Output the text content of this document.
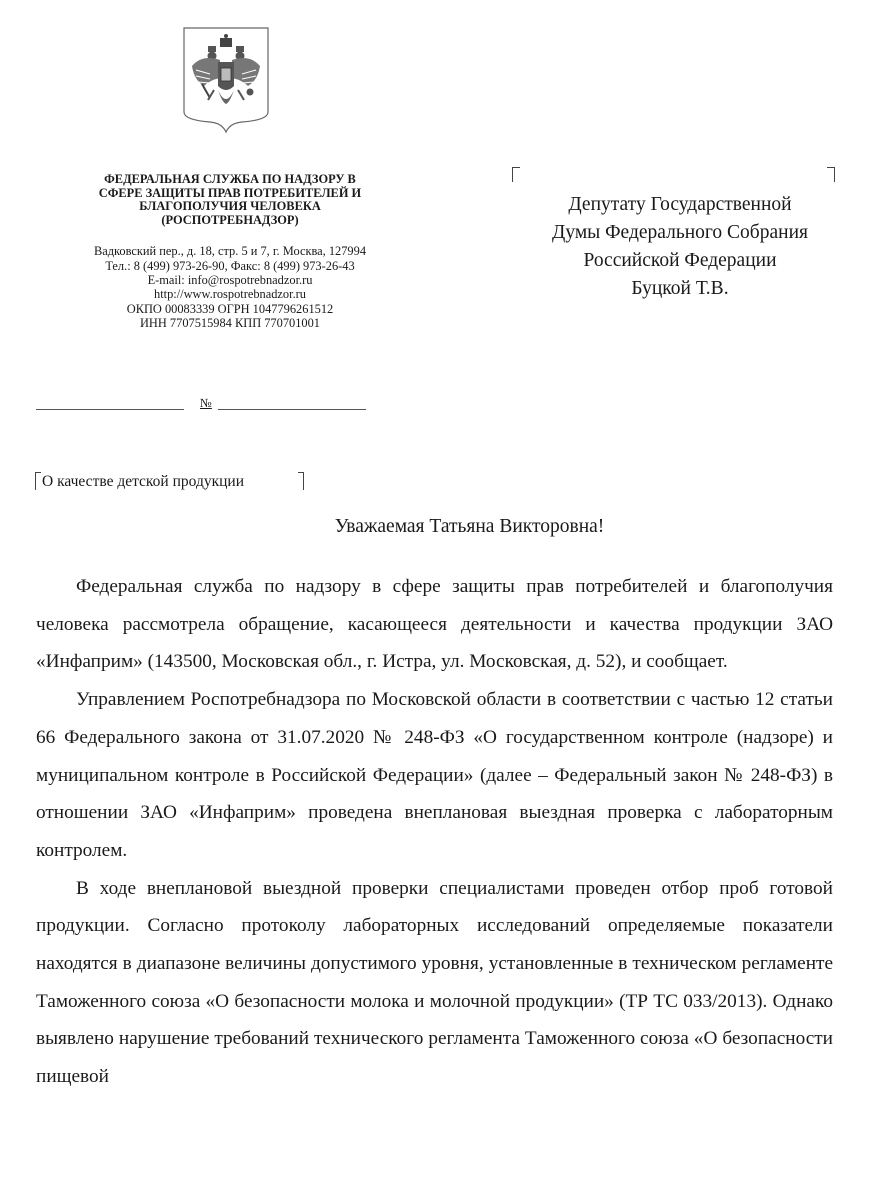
ФЕДЕРАЛЬНАЯ СЛУЖБА ПО НАДЗОРУ В
СФЕРЕ ЗАЩИТЫ ПРАВ ПОТРЕБИТЕЛЕЙ И
БЛАГОПОЛУЧИЯ ЧЕЛОВЕКА
(РОСПОТРЕБНАДЗОР)
Вадковский пер., д. 18, стр. 5 и 7, г. Москва, 127994
Тел.: 8 (499) 973-26-90, Факс: 8 (499) 973-26-43
E-mail: info@rospotrebnadzor.ru
http://www.rospotrebnadzor.ru
ОКПО 00083339 ОГРН 1047796261512
ИНН 7707515984 КПП 770701001
№
Депутату Государственной
Думы Федерального Собрания
Российской Федерации
Буцкой Т.В.
О качестве детской продукции
Уважаемая Татьяна Викторовна!

Федеральная служба по надзору в сфере защиты прав потребителей и благополучия человека рассмотрела обращение, касающееся деятельности и качества продукции ЗАО «Инфаприм» (143500, Московская обл., г. Истра, ул. Московская, д. 52), и сообщает.

Управлением Роспотребнадзора по Московской области в соответствии с частью 12 статьи 66 Федерального закона от 31.07.2020 № 248-ФЗ «О государственном контроле (надзоре) и муниципальном контроле в Российской Федерации» (далее – Федеральный закон № 248-ФЗ) в отношении ЗАО «Инфаприм» проведена внеплановая выездная проверка с лабораторным контролем.

В ходе внеплановой выездной проверки специалистами проведен отбор проб готовой продукции. Согласно протоколу лабораторных исследований определяемые показатели находятся в диапазоне величины допустимого уровня, установленные в техническом регламенте Таможенного союза «О безопасности молока и молочной продукции» (ТР ТС 033/2013). Однако выявлено нарушение требований технического регламента Таможенного союза «О безопасности пищевой
